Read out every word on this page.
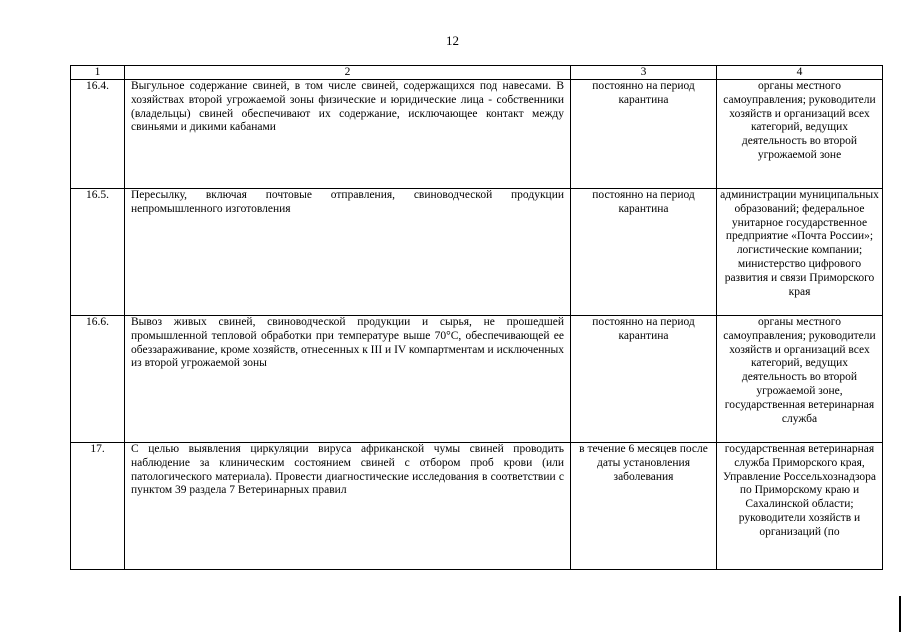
12
1	2	3	4
16.4.	Выгульное содержание свиней, в том числе свиней, содержащихся под навесами. В хозяйствах второй угрожаемой зоны физические и юридические лица - собственники (владельцы) свиней обеспечивают их содержание, исключающее контакт между свиньями и дикими кабанами	постоянно на период карантина	органы местного самоуправления; руководители хозяйств и организаций всех категорий, ведущих деятельность во второй угрожаемой зоне
16.5.	Пересылку, включая почтовые отправления, свиноводческой продукции непромышленного изготовления	постоянно на период карантина	администрации муниципальных образований; федеральное унитарное государственное предприятие «Почта России»; логистические компании; министерство цифрового развития и связи Приморского края
16.6.	Вывоз живых свиней, свиноводческой продукции и сырья, не прошедшей промышленной тепловой обработки при температуре выше 70°С, обеспечивающей ее обеззараживание, кроме хозяйств, отнесенных к III и IV компартментам и исключенных из второй угрожаемой зоны	постоянно на период карантина	органы местного самоуправления; руководители хозяйств и организаций всех категорий, ведущих деятельность во второй угрожаемой зоне, государственная ветеринарная служба
17.	С целью выявления циркуляции вируса африканской чумы свиней проводить наблюдение за клиническим состоянием свиней с отбором проб крови (или патологического материала). Провести диагностические исследования в соответствии с пунктом 39 раздела 7 Ветеринарных правил	в течение 6 месяцев после даты установления заболевания	государственная ветеринарная служба Приморского края, Управление Россельхознадзора по Приморскому краю и Сахалинской области; руководители хозяйств и организаций (по
